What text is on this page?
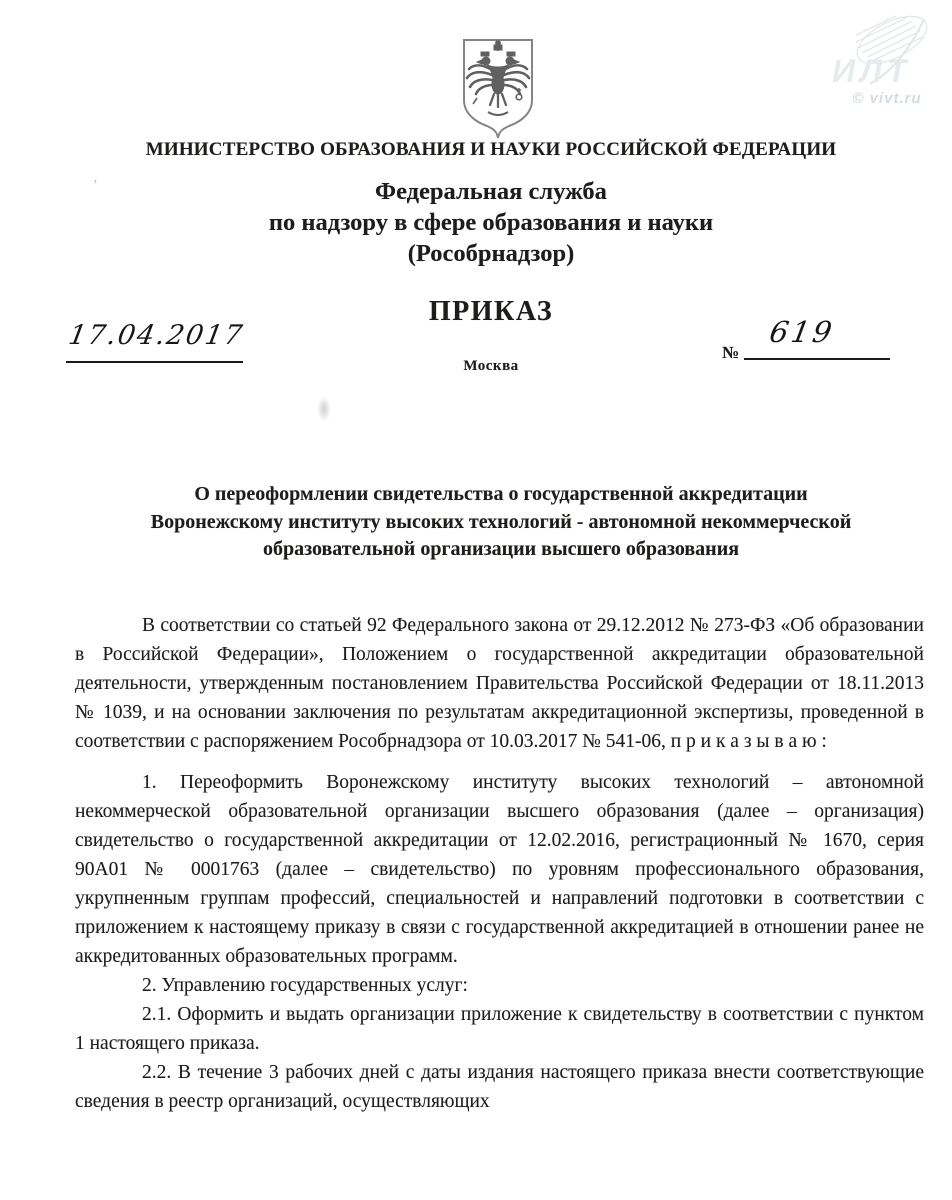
ИЛТ
© vivt.ru
МИНИСТЕРСТВО ОБРАЗОВАНИЯ И НАУКИ РОССИЙСКОЙ ФЕДЕРАЦИИ
Федеральная служба
по надзору в сфере образования и науки
(Рособрнадзор)
ПРИКАЗ
17.04.2017
№
619
Москва
’
О переоформлении свидетельства о государственной аккредитации
Воронежскому институту высоких технологий - автономной некоммерческой
образовательной организации высшего образования

В соответствии со статьей 92 Федерального закона от 29.12.2012 № 273-ФЗ «Об образовании в Российской Федерации», Положением о государственной аккредитации образовательной деятельности, утвержденным постановлением Правительства Российской Федерации от 18.11.2013 № 1039, и на основании заключения по результатам аккредитационной экспертизы, проведенной в соответствии с распоряжением Рособрнадзора от 10.03.2017 № 541-06, п р и к а з ы в а ю :

1. Переоформить Воронежскому институту высоких технологий – автономной некоммерческой образовательной организации высшего образования (далее – организация) свидетельство о государственной аккредитации от 12.02.2016, регистрационный № 1670, серия 90А01 № 0001763 (далее – свидетельство) по уровням профессионального образования, укрупненным группам профессий, специальностей и направлений подготовки в соответствии с приложением к настоящему приказу в связи с государственной аккредитацией в отношении ранее не аккредитованных образовательных программ.

2. Управлению государственных услуг:

2.1. Оформить и выдать организации приложение к свидетельству в соответствии с пунктом 1 настоящего приказа.

2.2. В течение 3 рабочих дней с даты издания настоящего приказа внести соответствующие сведения в реестр организаций, осуществляющих
